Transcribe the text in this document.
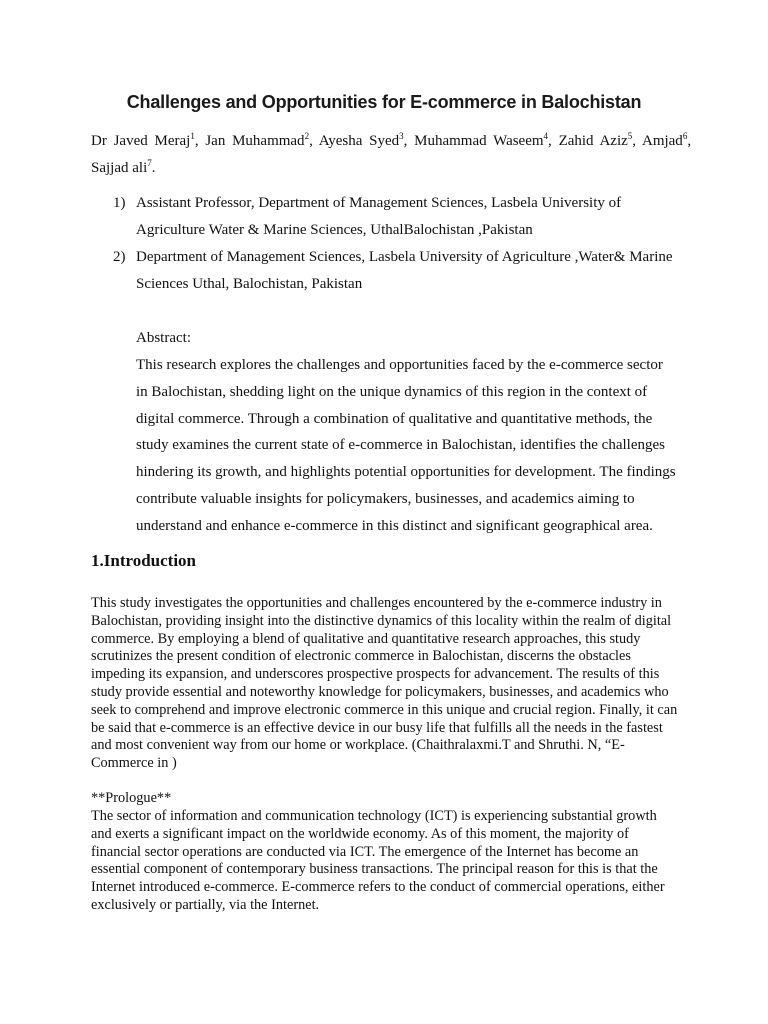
Challenges and Opportunities for E-commerce in Balochistan
Dr Javed Meraj$^1$, Jan Muhammad$^2$, Ayesha Syed$^3$, Muhammad Waseem$^4$, Zahid Aziz$^5$, Amjad$^6$, Sajjad ali$^7$.
1) Assistant Professor, Department of Management Sciences, Lasbela University of Agriculture Water & Marine Sciences, UthalBalochistan ,Pakistan
2) Department of Management Sciences, Lasbela University of Agriculture ,Water& Marine Sciences Uthal, Balochistan, Pakistan
Abstract:

This research explores the challenges and opportunities faced by the e-commerce sector in Balochistan, shedding light on the unique dynamics of this region in the context of digital commerce. Through a combination of qualitative and quantitative methods, the study examines the current state of e-commerce in Balochistan, identifies the challenges hindering its growth, and highlights potential opportunities for development. The findings contribute valuable insights for policymakers, businesses, and academics aiming to understand and enhance e-commerce in this distinct and significant geographical area.

1.Introduction

This study investigates the opportunities and challenges encountered by the e-commerce industry in Balochistan, providing insight into the distinctive dynamics of this locality within the realm of digital commerce. By employing a blend of qualitative and quantitative research approaches, this study scrutinizes the present condition of electronic commerce in Balochistan, discerns the obstacles impeding its expansion, and underscores prospective prospects for advancement. The results of this study provide essential and noteworthy knowledge for policymakers, businesses, and academics who seek to comprehend and improve electronic commerce in this unique and crucial region. Finally, it can be said that e-commerce is an effective device in our busy life that fulfills all the needs in the fastest and most convenient way from our home or workplace. (Chaithralaxmi.T and Shruthi. N, “E-Commerce in )

**Prologue**

The sector of information and communication technology (ICT) is experiencing substantial growth and exerts a significant impact on the worldwide economy. As of this moment, the majority of financial sector operations are conducted via ICT. The emergence of the Internet has become an essential component of contemporary business transactions. The principal reason for this is that the Internet introduced e-commerce. E-commerce refers to the conduct of commercial operations, either exclusively or partially, via the Internet.
